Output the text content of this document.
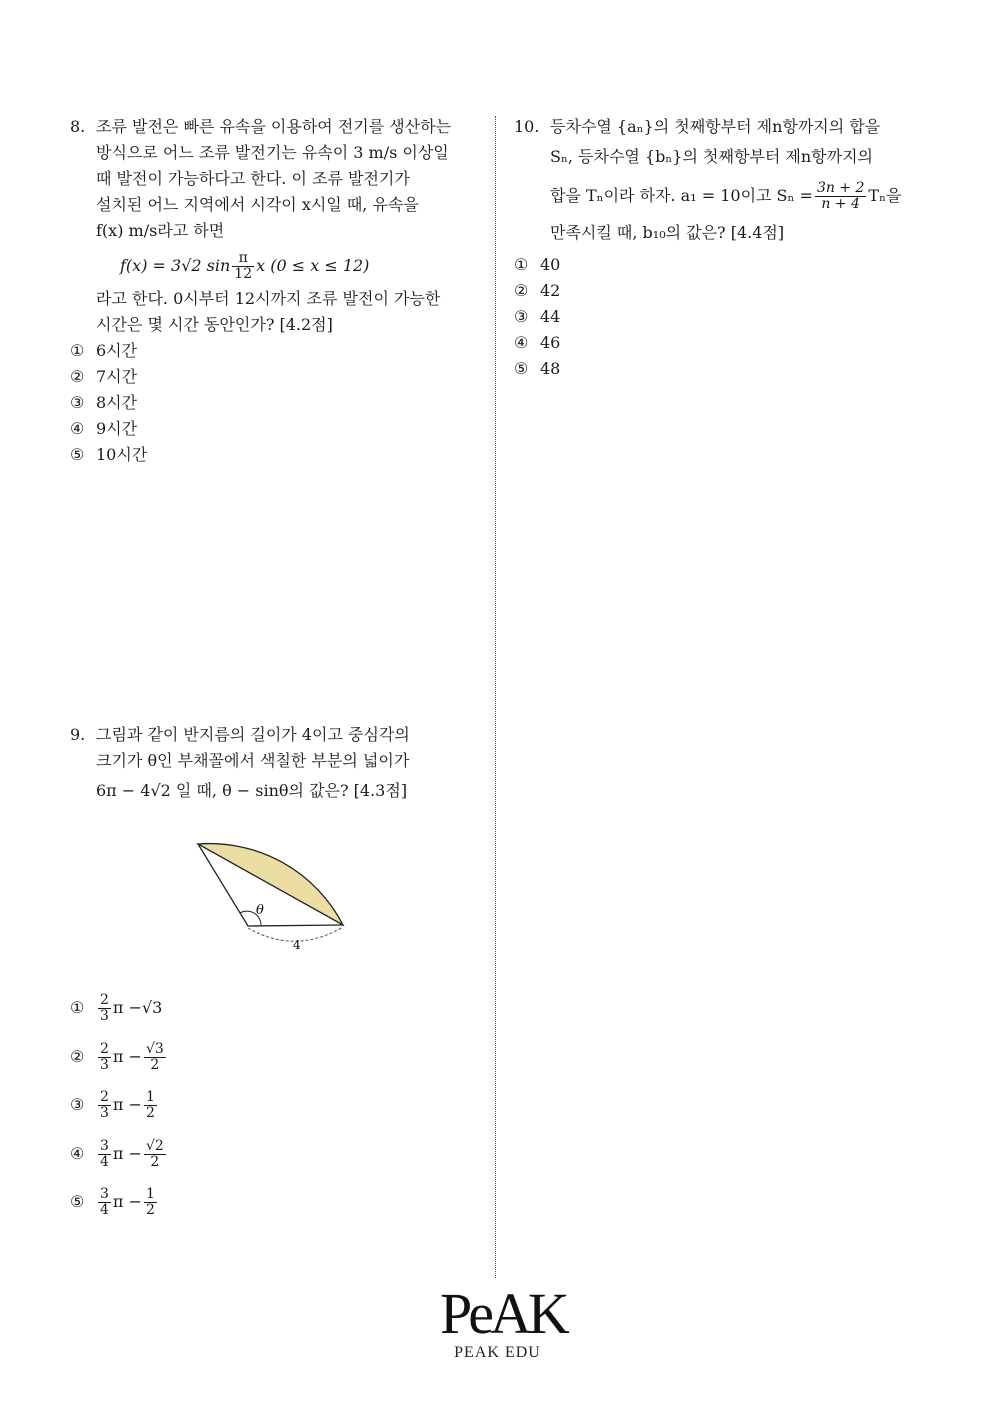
8. 조류 발전은 빠른 유속을 이용하여 전기를 생산하는
방식으로 어느 조류 발전기는 유속이 3 m/s 이상일
때 발전이 가능하다고 한다. 이 조류 발전기가
설치된 어느 지역에서 시각이 x시일 때, 유속을
f(x) m/s라고 하면
f(x) = 3√2 $\sin \frac{\pi}{12}$ x (0 ≤ x ≤ 12)
라고 한다. 0시부터 12시까지 조류 발전이 가능한
시간은 몇 시간 동안인가? [4.2점]
① 6시간
② 7시간
③ 8시간
④ 9시간
⑤ 10시간
9. 그림과 같이 반지름의 길이가 4이고 중심각의
크기가 θ인 부채꼴에서 색칠한 부분의 넓이가
6π − 4√2 일 때, θ − sinθ의 값은? [4.3점]
θ
4
① $\frac{2}{3}$ π −√3
② $\frac{2}{3}$ $\pi - \frac{√3}{2}$
③ $\frac{2}{3}$ $\pi - \frac{1}{2}$
④ $\frac{3}{4}$ $\pi - \frac{√2}{2}$
⑤ $\frac{3}{4}$ $\pi - \frac{1}{2}$
10. 등차수열 {aₙ}의 첫째항부터 제n항까지의 합을
Sₙ, 등차수열 {bₙ}의 첫째항부터 제n항까지의
합을 Tₙ이라 하자. a₁ = 10이고 $S_n = \frac{3n + 2}{n + 4}$ Tₙ을
만족시킬 때, b₁₀의 값은? [4.4점]
① 40
② 42
③ 44
④ 46
⑤ 48
PeAK
PEAK EDU
